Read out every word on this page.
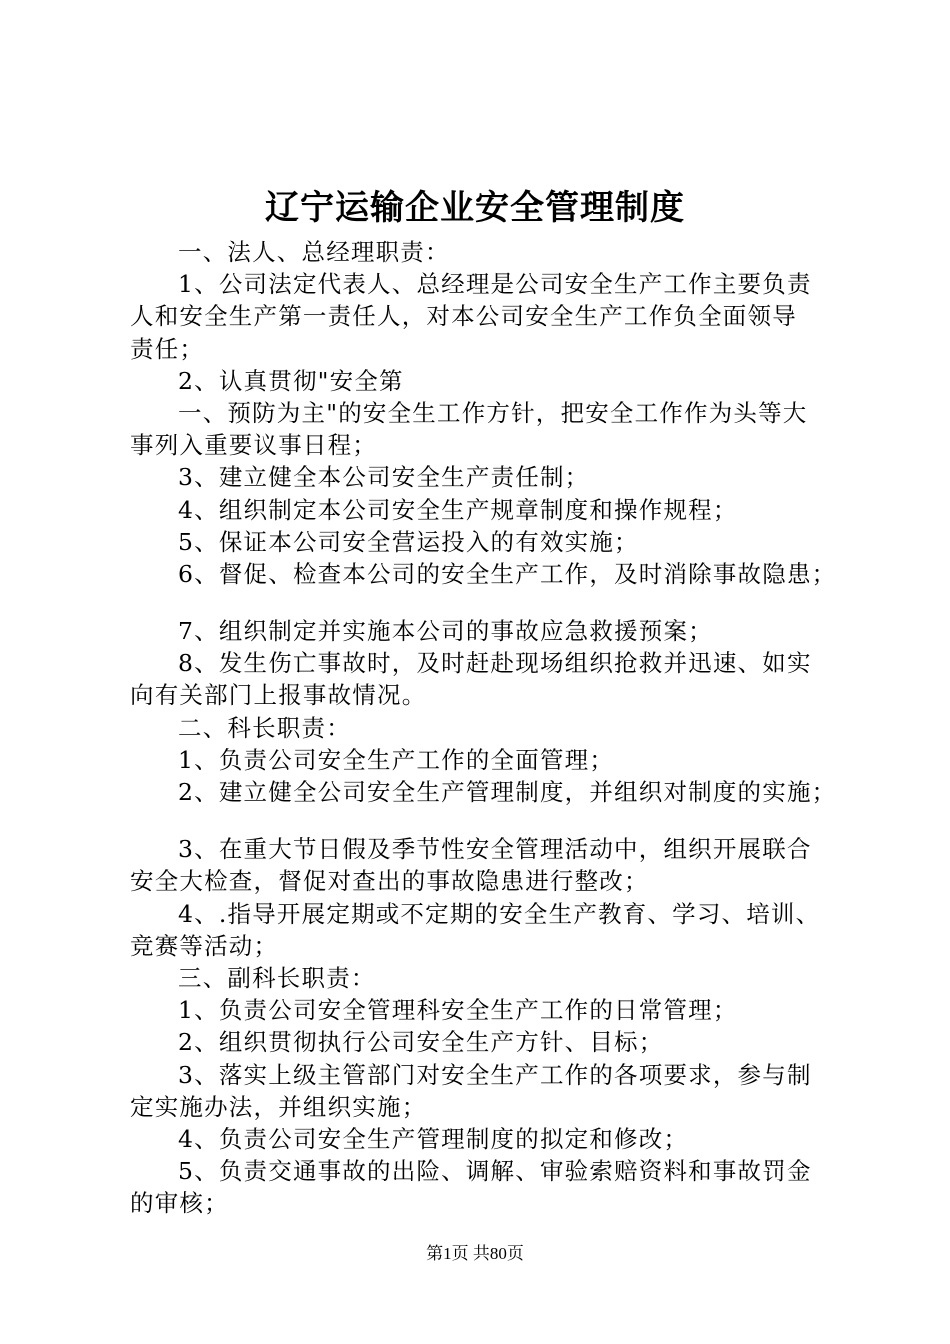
辽宁运输企业安全管理制度
一、法人、总经理职责：
1、公司法定代表人、总经理是公司安全生产工作主要负责
人和安全生产第一责任人，对本公司安全生产工作负全面领导
责任；
2、认真贯彻"安全第
一、预防为主"的安全生工作方针，把安全工作作为头等大
事列入重要议事日程；
3、建立健全本公司安全生产责任制；
4、组织制定本公司安全生产规章制度和操作规程；
5、保证本公司安全营运投入的有效实施；
6、督促、检查本公司的安全生产工作，及时消除事故隐患；
7、组织制定并实施本公司的事故应急救援预案；
8、发生伤亡事故时，及时赶赴现场组织抢救并迅速、如实
向有关部门上报事故情况。
二、科长职责：
1、负责公司安全生产工作的全面管理；
2、建立健全公司安全生产管理制度，并组织对制度的实施；
3、在重大节日假及季节性安全管理活动中，组织开展联合
安全大检查，督促对查出的事故隐患进行整改；
4、.指导开展定期或不定期的安全生产教育、学习、培训、
竞赛等活动；
三、副科长职责：
1、负责公司安全管理科安全生产工作的日常管理；
2、组织贯彻执行公司安全生产方针、目标；
3、落实上级主管部门对安全生产工作的各项要求，参与制
定实施办法，并组织实施；
4、负责公司安全生产管理制度的拟定和修改；
5、负责交通事故的出险、调解、审验索赔资料和事故罚金
的审核；
第1页 共80页
